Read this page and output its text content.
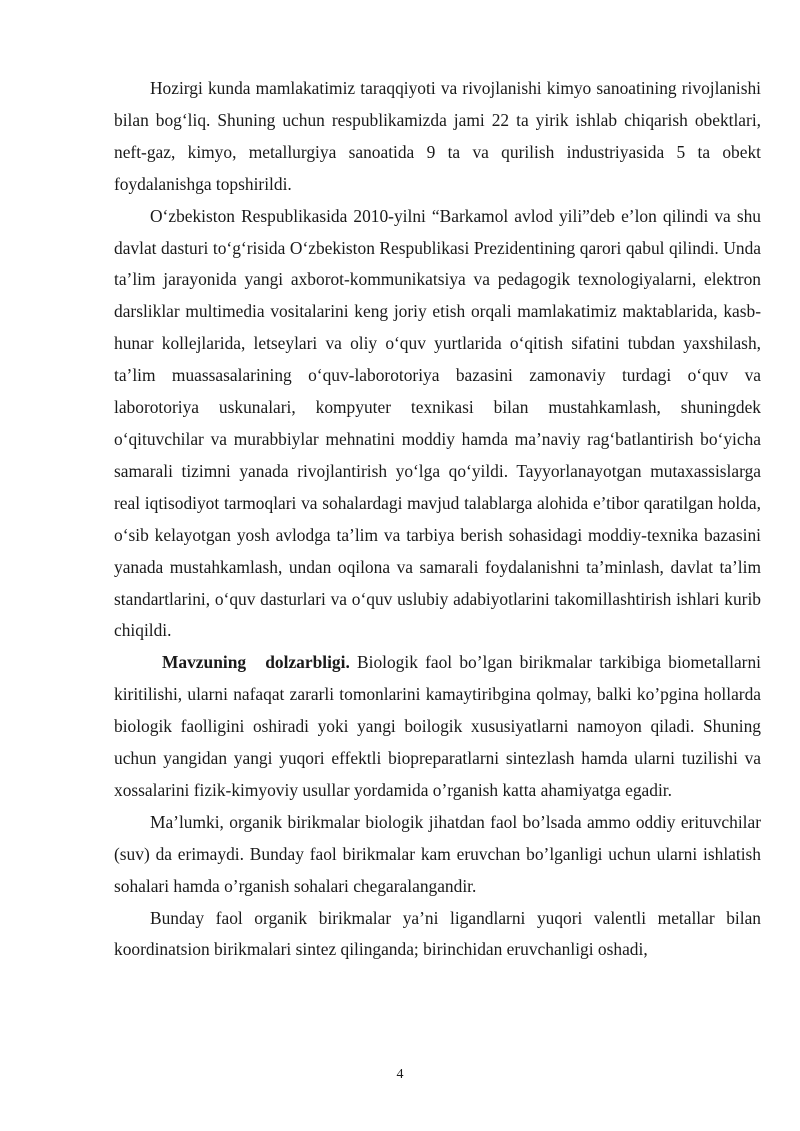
Hozirgi kunda mamlakatimiz taraqqiyoti va rivojlanishi kimyo sanoatining rivojlanishi bilan bog‘liq. Shuning uchun respublikamizda jami 22 ta yirik ishlab chiqarish obektlari, neft-gaz, kimyo, metallurgiya sanoatida 9 ta va qurilish industriyasida 5 ta obekt foydalanishga topshirildi.

O‘zbekiston Respublikasida 2010-yilni “Barkamol avlod yili”deb e’lon qilindi va shu davlat dasturi to‘g‘risida O‘zbekiston Respublikasi Prezidentining qarori qabul qilindi. Unda ta’lim jarayonida yangi axborot-kommunikatsiya va pedagogik texnologiyalarni, elektron darsliklar multimedia vositalarini keng joriy etish orqali mamlakatimiz maktablarida, kasb-hunar kollejlarida, letseylari va oliy o‘quv yurtlarida o‘qitish sifatini tubdan yaxshilash, ta’lim muassasalarining o‘quv-laborotoriya bazasini zamonaviy turdagi o‘quv va laborotoriya uskunalari, kompyuter texnikasi bilan mustahkamlash, shuningdek o‘qituvchilar va murabbiylar mehnatini moddiy hamda ma’naviy rag‘batlantirish bo‘yicha samarali tizimni yanada rivojlantirish yo‘lga qo‘yildi. Tayyorlanayotgan mutaxassislarga real iqtisodiyot tarmoqlari va sohalardagi mavjud talablarga alohida e’tibor qaratilgan holda, o‘sib kelayotgan yosh avlodga ta’lim va tarbiya berish sohasidagi moddiy-texnika bazasini yanada mustahkamlash, undan oqilona va samarali foydalanishni ta’minlash, davlat ta’lim standartlarini, o‘quv dasturlari va o‘quv uslubiy adabiyotlarini takomillashtirish ishlari kurib chiqildi.

Mavzuning dolzarbligi. Biologik faol bo’lgan birikmalar tarkibiga biometallarni kiritilishi, ularni nafaqat zararli tomonlarini kamaytiribgina qolmay, balki ko’pgina hollarda biologik faolligini oshiradi yoki yangi boilogik xususiyatlarni namoyon qiladi. Shuning uchun yangidan yangi yuqori effektli biopreparatlarni sintezlash hamda ularni tuzilishi va xossalarini fizik-kimyoviy usullar yordamida o’rganish katta ahamiyatga egadir.

Ma’lumki, organik birikmalar biologik jihatdan faol bo’lsada ammo oddiy erituvchilar (suv) da erimaydi. Bunday faol birikmalar kam eruvchan bo’lganligi uchun ularni ishlatish sohalari hamda o’rganish sohalari chegaralangandir.

Bunday faol organik birikmalar ya’ni ligandlarni yuqori valentli metallar bilan koordinatsion birikmalari sintez qilinganda; birinchidan eruvchanligi oshadi,

4
